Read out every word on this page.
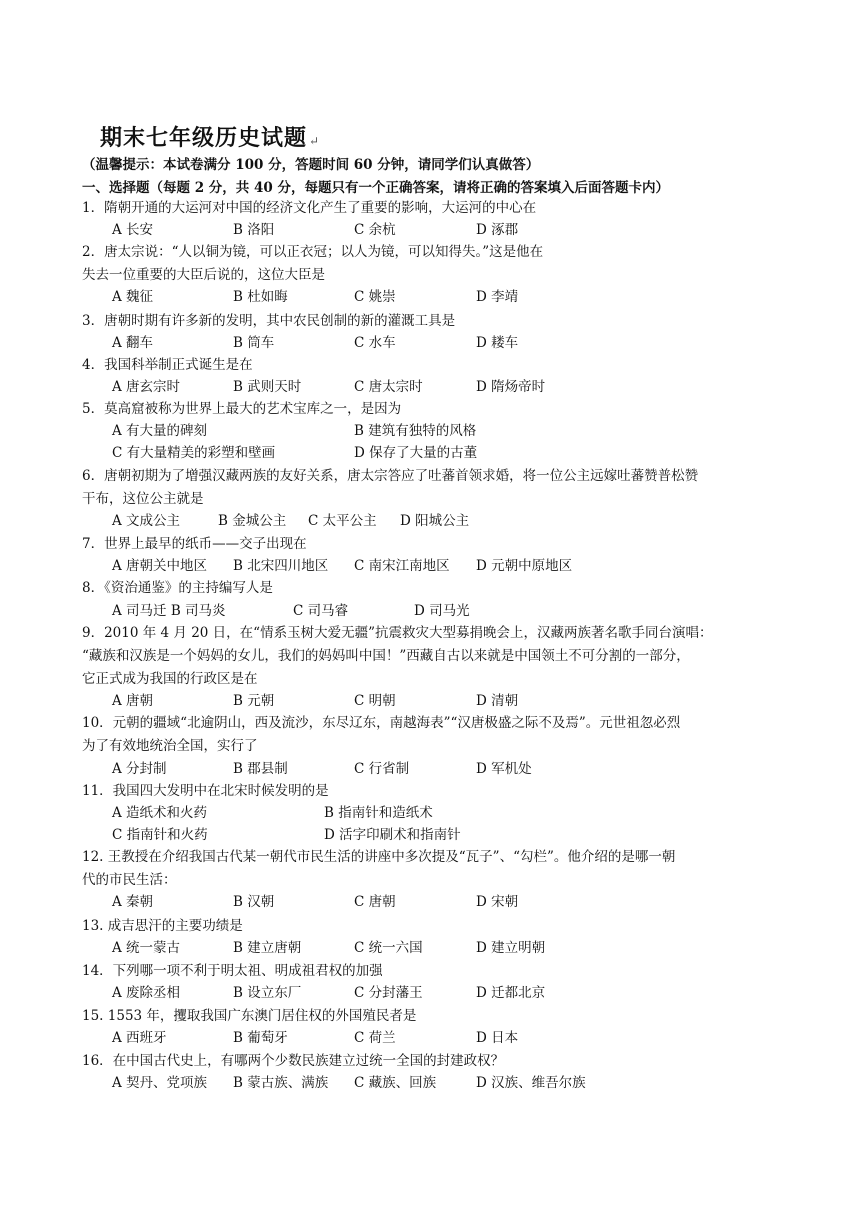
期末七年级历史试题 ↵
（温馨提示：本试卷满分 100 分，答题时间 60 分钟，请同学们认真做答）
一、选择题（每题 2 分，共 40 分，每题只有一个正确答案，请将正确的答案填入后面答题卡内）
1．隋朝开通的大运河对中国的经济文化产生了重要的影响，大运河的中心在
A 长安	B 洛阳	C 余杭	D 涿郡
2．唐太宗说：“人以铜为镜，可以正衣冠；以人为镜，可以知得失。”这是他在
失去一位重要的大臣后说的，这位大臣是
A 魏征	B 杜如晦	C 姚崇	D 李靖
3．唐朝时期有许多新的发明，其中农民创制的新的灌溉工具是
A 翻车	B 筒车	C 水车	D 耧车
4．我国科举制正式诞生是在
A 唐玄宗时	B 武则天时	C 唐太宗时	D 隋炀帝时
5．莫高窟被称为世界上最大的艺术宝库之一，是因为
A 有大量的碑刻	B 建筑有独特的风格
C 有大量精美的彩塑和壁画	D 保存了大量的古董
6．唐朝初期为了增强汉藏两族的友好关系，唐太宗答应了吐蕃首领求婚，将一位公主远嫁吐蕃赞普松赞
干布，这位公主就是
A 文成公主	B 金城公主 C 太平公主 D 阳城公主
7．世界上最早的纸币——交子出现在
A 唐朝关中地区 B 北宋四川地区 C 南宋江南地区 D 元朝中原地区
8．《资治通鉴》的主持编写人是
A 司马迁 B 司马炎	C 司马睿	D 司马光
9．2010 年 4 月 20 日，在“情系玉树大爱无疆”抗震救灾大型募捐晚会上，汉藏两族著名歌手同台演唱：
“藏族和汉族是一个妈妈的女儿，我们的妈妈叫中国！”西藏自古以来就是中国领土不可分割的一部分，
它正式成为我国的行政区是在
A 唐朝	B 元朝	C 明朝	D 清朝
10．元朝的疆域“北逾阴山，西及流沙，东尽辽东，南越海表”“汉唐极盛之际不及焉”。元世祖忽必烈
为了有效地统治全国，实行了
A 分封制	B 郡县制	C 行省制	D 军机处
11．我国四大发明中在北宋时候发明的是
A 造纸术和火药	B 指南针和造纸术
C 指南针和火药	D 活字印刷术和指南针
12. 王教授在介绍我国古代某一朝代市民生活的讲座中多次提及“瓦子”、“勾栏”。他介绍的是哪一朝
代的市民生活：
A 秦朝	B 汉朝	C 唐朝	D 宋朝
13. 成吉思汗的主要功绩是
A 统一蒙古	B 建立唐朝	C 统一六国	D 建立明朝
14．下列哪一项不利于明太祖、明成祖君权的加强
A 废除丞相	B 设立东厂	C 分封藩王	D 迁都北京
15. 1553 年，攫取我国广东澳门居住权的外国殖民者是
A 西班牙	B 葡萄牙	C 荷兰	D 日本
16．在中国古代史上，有哪两个少数民族建立过统一全国的封建政权？
A 契丹、党项族 B 蒙古族、满族 C 藏族、回族	D 汉族、维吾尔族
